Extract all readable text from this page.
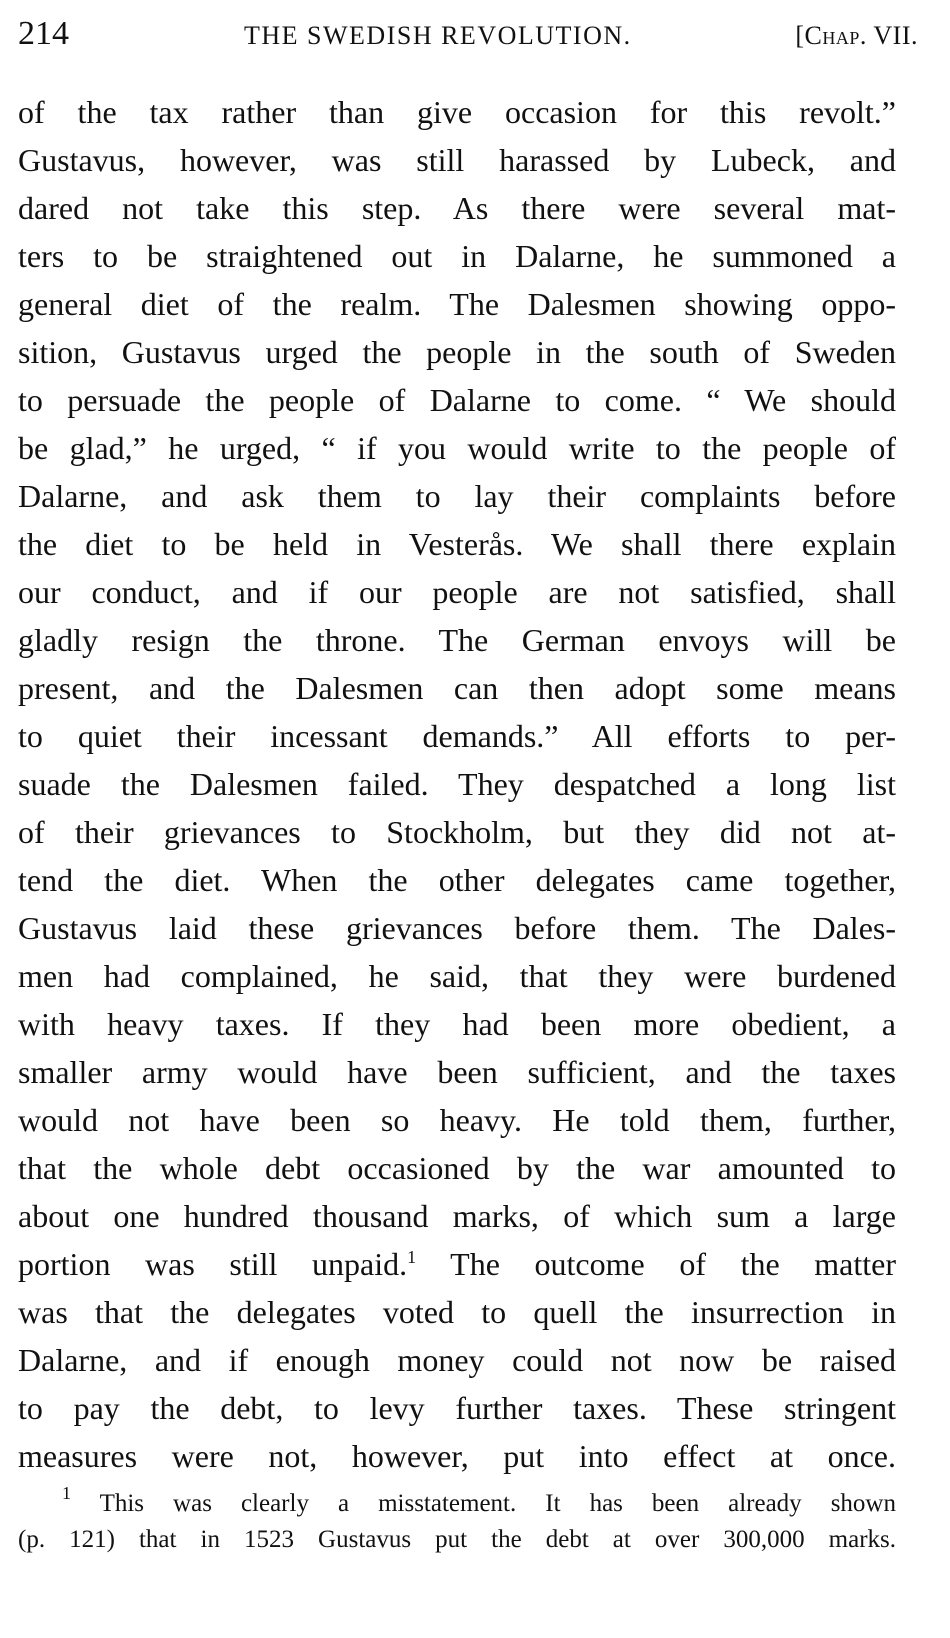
214	THE SWEDISH REVOLUTION.	[Chap. VII.
of the tax rather than give occasion for this revolt.”
Gustavus, however, was still harassed by Lubeck, and
dared not take this step. As there were several mat-
ters to be straightened out in Dalarne, he summoned a
general diet of the realm. The Dalesmen showing oppo-
sition, Gustavus urged the people in the south of Sweden
to persuade the people of Dalarne to come. “ We should
be glad,” he urged, “ if you would write to the people of
Dalarne, and ask them to lay their complaints before
the diet to be held in Vesterås. We shall there explain
our conduct, and if our people are not satisfied, shall
gladly resign the throne. The German envoys will be
present, and the Dalesmen can then adopt some means
to quiet their incessant demands.” All efforts to per-
suade the Dalesmen failed. They despatched a long list
of their grievances to Stockholm, but they did not at-
tend the diet. When the other delegates came together,
Gustavus laid these grievances before them. The Dales-
men had complained, he said, that they were burdened
with heavy taxes. If they had been more obedient, a
smaller army would have been sufficient, and the taxes
would not have been so heavy. He told them, further,
that the whole debt occasioned by the war amounted to
about one hundred thousand marks, of which sum a large
portion was still unpaid.$^1$ The outcome of the matter
was that the delegates voted to quell the insurrection in
Dalarne, and if enough money could not now be raised
to pay the debt, to levy further taxes. These stringent
measures were not, however, put into effect at once.
$^1$ This was clearly a misstatement. It has been already shown
(p. 121) that in 1523 Gustavus put the debt at over 300,000 marks.
